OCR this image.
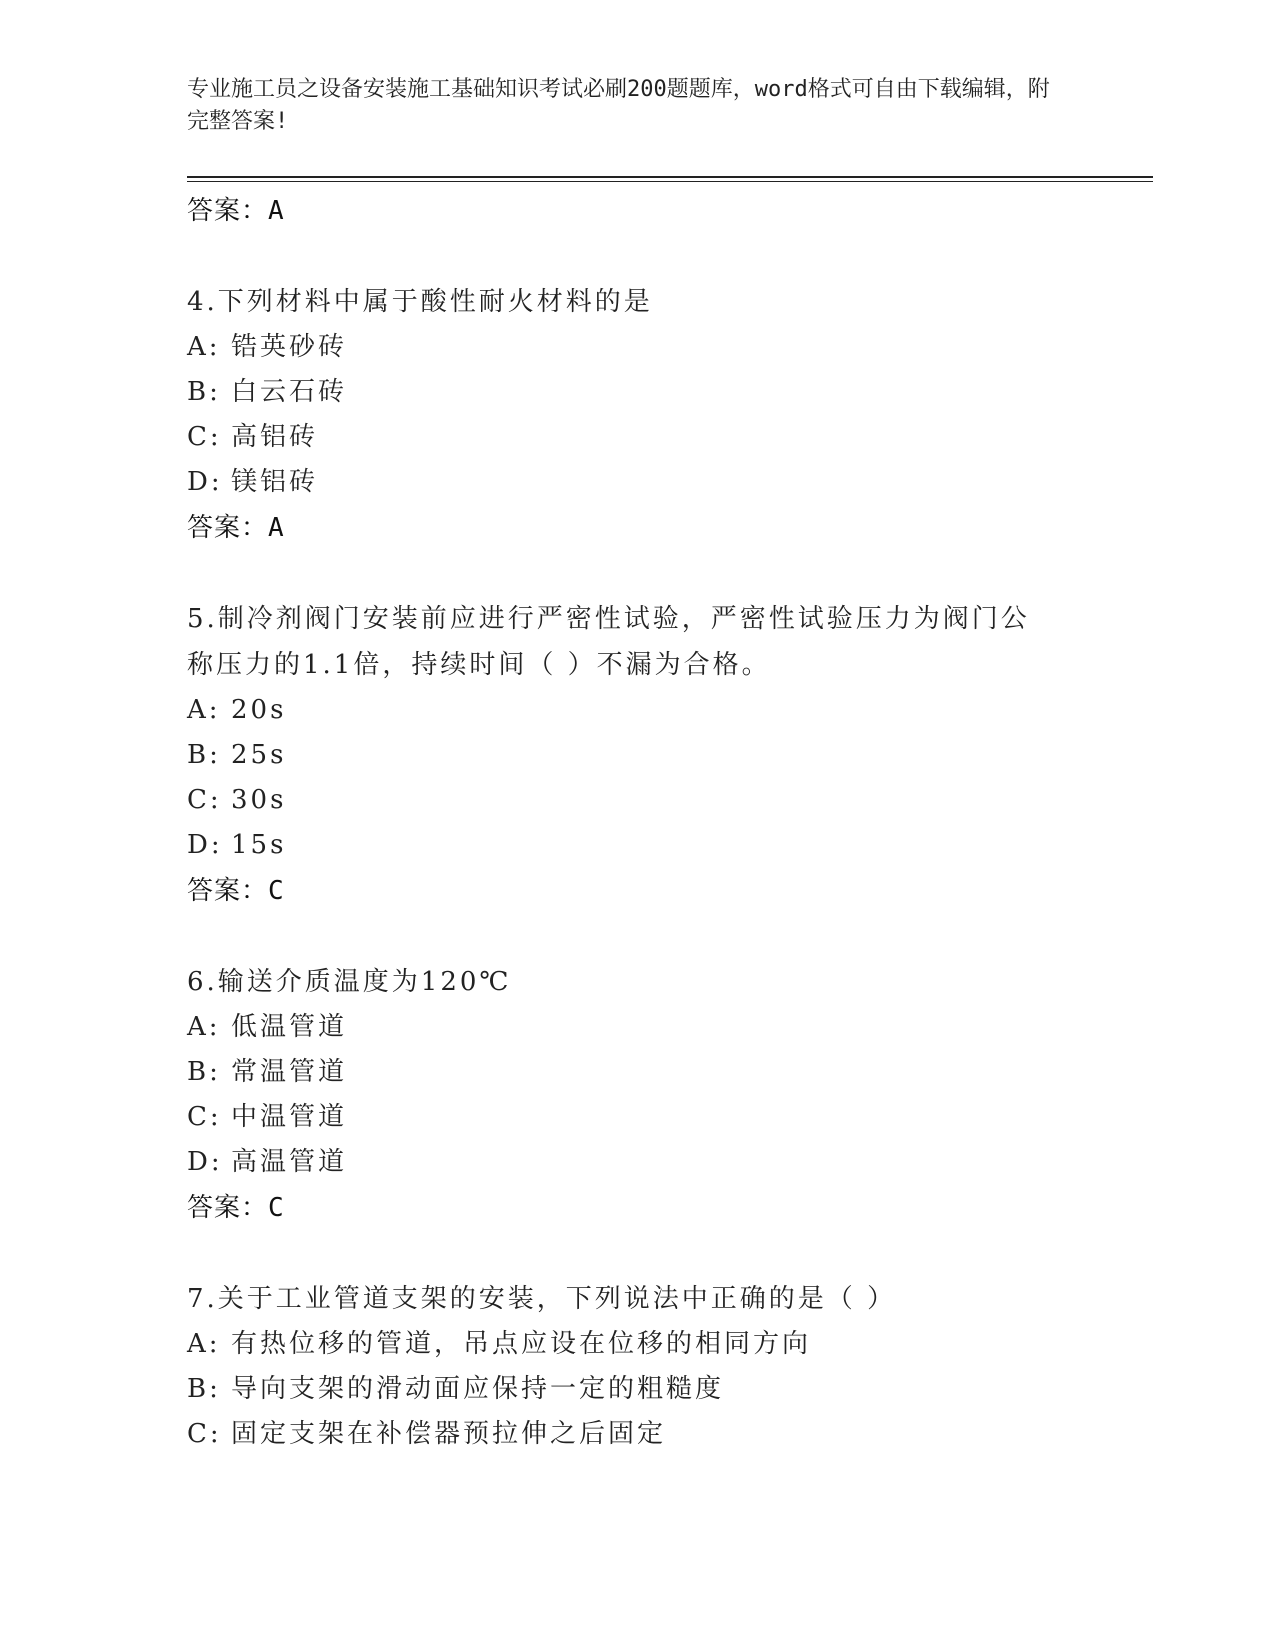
专业施工员之设备安装施工基础知识考试必刷200题题库，word格式可自由下载编辑，附完整答案!
答案：A
4.下列材料中属于酸性耐火材料的是
A: 锆英砂砖
B: 白云石砖
C: 高铝砖
D: 镁铝砖
答案：A
5.制冷剂阀门安装前应进行严密性试验，严密性试验压力为阀门公称压力的1.1倍，持续时间（ ）不漏为合格。
A: 20s
B: 25s
C: 30s
D: 15s
答案：C
6.输送介质温度为120℃
A: 低温管道
B: 常温管道
C: 中温管道
D: 高温管道
答案：C
7.关于工业管道支架的安装，下列说法中正确的是（ ）
A: 有热位移的管道，吊点应设在位移的相同方向
B: 导向支架的滑动面应保持一定的粗糙度
C: 固定支架在补偿器预拉伸之后固定
